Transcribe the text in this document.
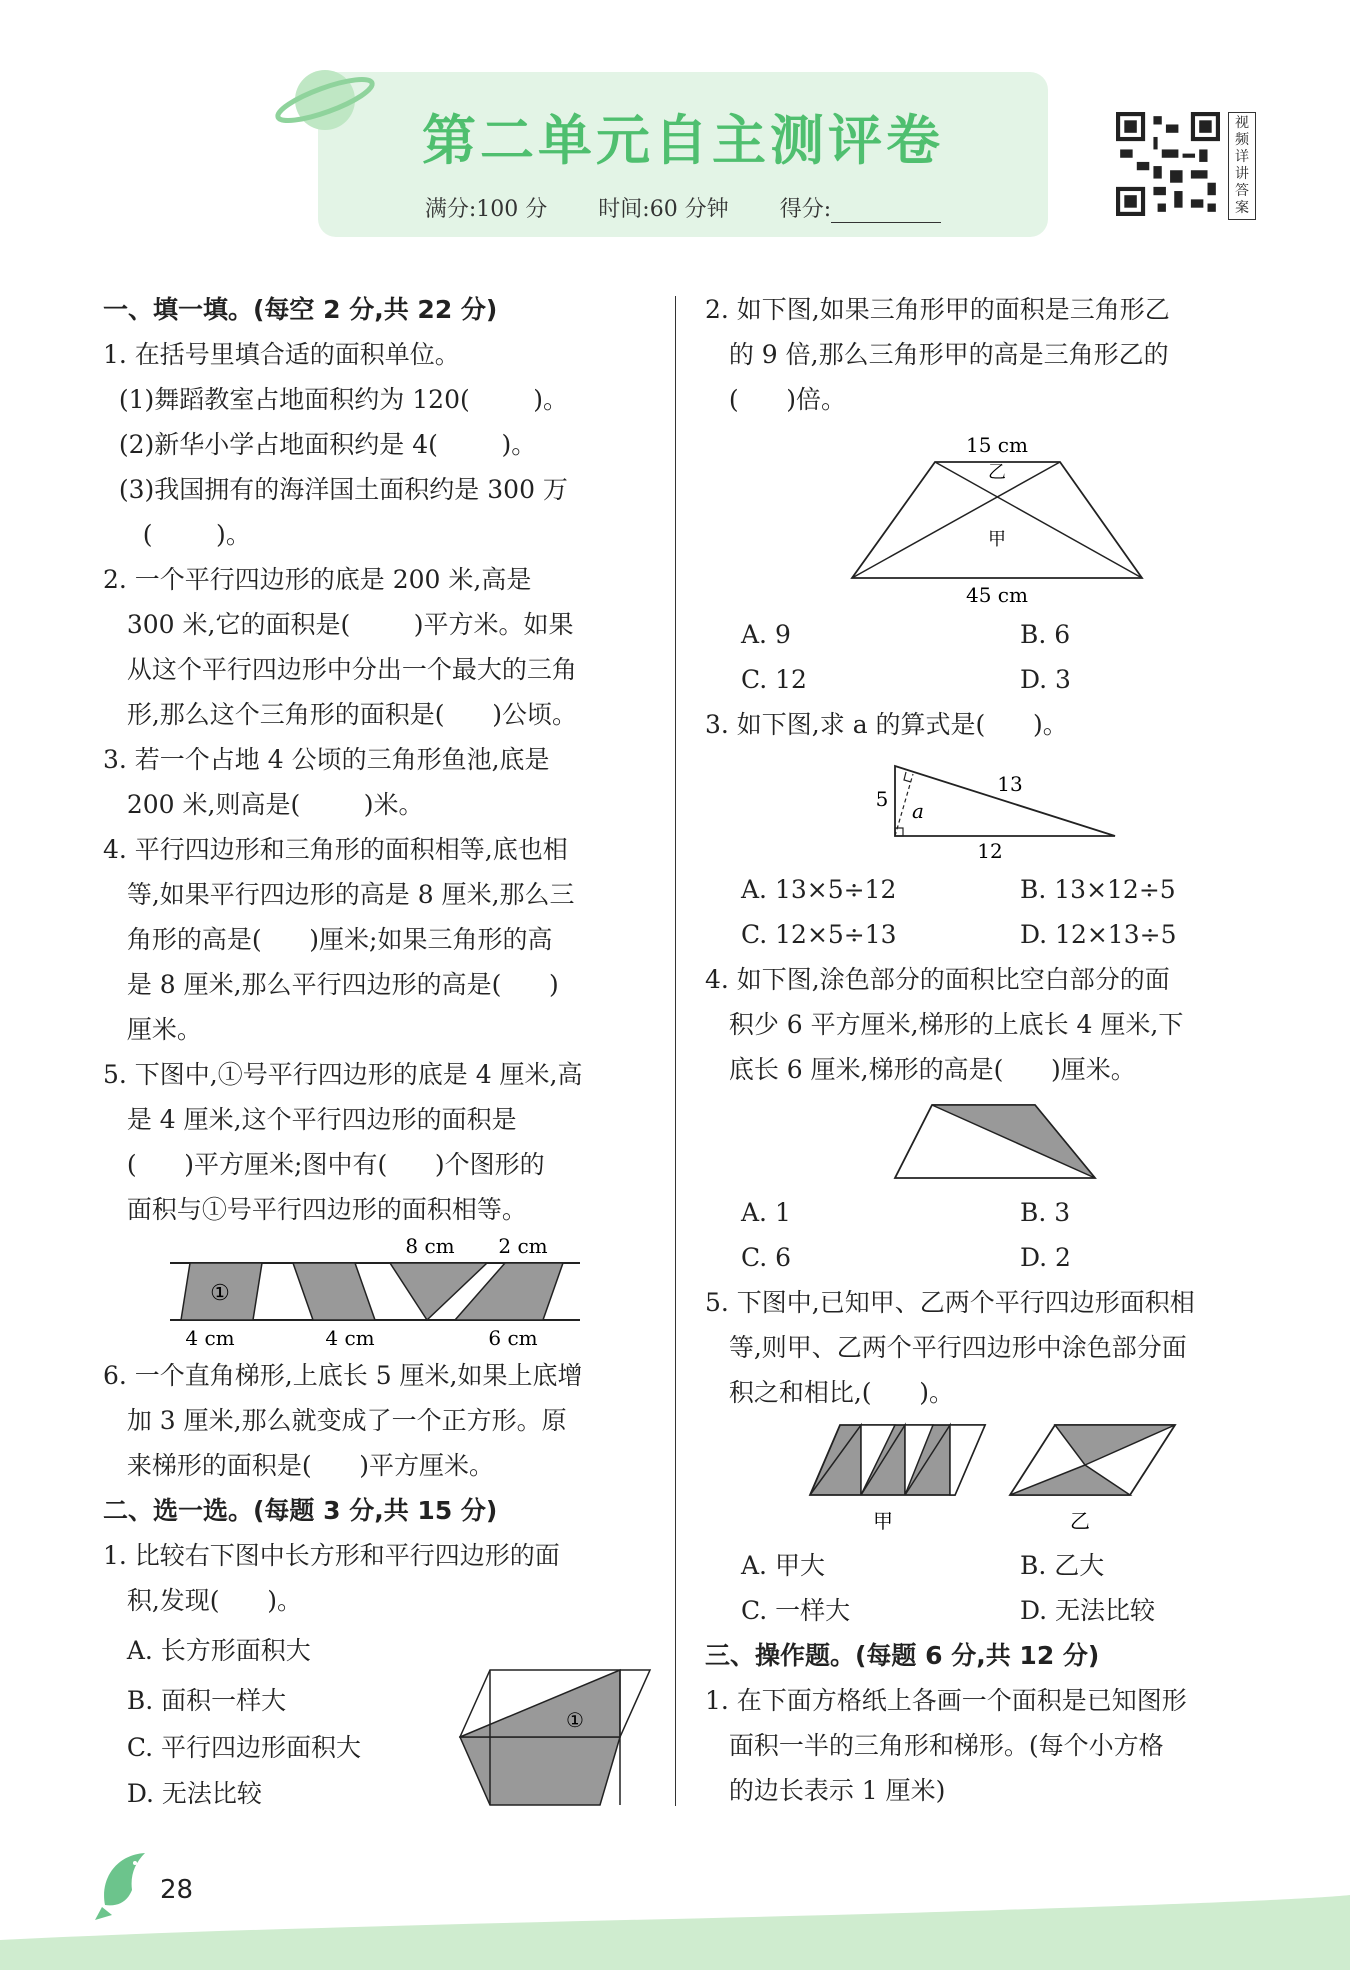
第二单元自主测评卷
满分:100 分 时间:60 分钟 得分:
视频详讲答案
一、填一填。(每空 2 分,共 22 分)
1. 在括号里填合适的面积单位。
(1)舞蹈教室占地面积约为 120(        )。
(2)新华小学占地面积约是 4(        )。
(3)我国拥有的海洋国土面积约是 300 万
(        )。
2. 一个平行四边形的底是 200 米,高是
300 米,它的面积是(        )平方米。如果
从这个平行四边形中分出一个最大的三角
形,那么这个三角形的面积是(      )公顷。
3. 若一个占地 4 公顷的三角形鱼池,底是
200 米,则高是(        )米。
4. 平行四边形和三角形的面积相等,底也相
等,如果平行四边形的高是 8 厘米,那么三
角形的高是(      )厘米;如果三角形的高
是 8 厘米,那么平行四边形的高是(      )
厘米。
5. 下图中,①号平行四边形的底是 4 厘米,高
是 4 厘米,这个平行四边形的面积是
(      )平方厘米;图中有(      )个图形的
面积与①号平行四边形的面积相等。
8 cm 2 cm
①
4 cm	4 cm	6 cm
6. 一个直角梯形,上底长 5 厘米,如果上底增
加 3 厘米,那么就变成了一个正方形。原
来梯形的面积是(      )平方厘米。
二、选一选。(每题 3 分,共 15 分)
1. 比较右下图中长方形和平行四边形的面
积,发现(      )。
A. 长方形面积大
B. 面积一样大
C. 平行四边形面积大
D. 无法比较
①
2. 如下图,如果三角形甲的面积是三角形乙
的 9 倍,那么三角形甲的高是三角形乙的
(      )倍。
15 cm
乙
甲
45 cm
A. 9	B. 6
C. 12	D. 3
3. 如下图,求 a 的算式是(      )。
5
13
a
12
A. 13×5÷12	B. 13×12÷5
C. 12×5÷13	D. 12×13÷5
4. 如下图,涂色部分的面积比空白部分的面
积少 6 平方厘米,梯形的上底长 4 厘米,下
底长 6 厘米,梯形的高是(      )厘米。
A. 1	B. 3
C. 6	D. 2
5. 下图中,已知甲、乙两个平行四边形面积相
等,则甲、乙两个平行四边形中涂色部分面
积之和相比,(      )。
甲	乙
A. 甲大	B. 乙大
C. 一样大	D. 无法比较
三、操作题。(每题 6 分,共 12 分)
1. 在下面方格纸上各画一个面积是已知图形
面积一半的三角形和梯形。(每个小方格
的边长表示 1 厘米)
28
